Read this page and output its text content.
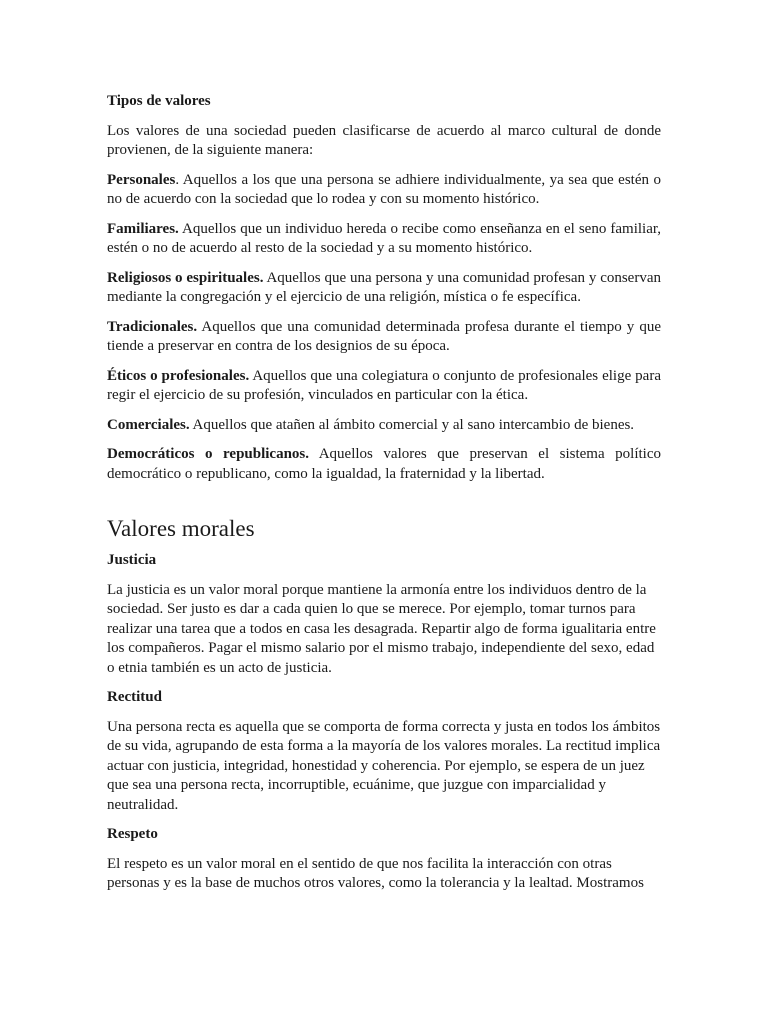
Tipos de valores

Los valores de una sociedad pueden clasificarse de acuerdo al marco cultural de donde provienen, de la siguiente manera:

Personales. Aquellos a los que una persona se adhiere individualmente, ya sea que estén o no de acuerdo con la sociedad que lo rodea y con su momento histórico.

Familiares. Aquellos que un individuo hereda o recibe como enseñanza en el seno familiar, estén o no de acuerdo al resto de la sociedad y a su momento histórico.

Religiosos o espirituales. Aquellos que una persona y una comunidad profesan y conservan mediante la congregación y el ejercicio de una religión, mística o fe específica.

Tradicionales. Aquellos que una comunidad determinada profesa durante el tiempo y que tiende a preservar en contra de los designios de su época.

Éticos o profesionales. Aquellos que una colegiatura o conjunto de profesionales elige para regir el ejercicio de su profesión, vinculados en particular con la ética.

Comerciales. Aquellos que atañen al ámbito comercial y al sano intercambio de bienes.

Democráticos o republicanos. Aquellos valores que preservan el sistema político democrático o republicano, como la igualdad, la fraternidad y la libertad.

Valores morales

Justicia

La justicia es un valor moral porque mantiene la armonía entre los individuos dentro de la sociedad. Ser justo es dar a cada quien lo que se merece. Por ejemplo, tomar turnos para realizar una tarea que a todos en casa les desagrada. Repartir algo de forma igualitaria entre los compañeros. Pagar el mismo salario por el mismo trabajo, independiente del sexo, edad o etnia también es un acto de justicia.

Rectitud

Una persona recta es aquella que se comporta de forma correcta y justa en todos los ámbitos de su vida, agrupando de esta forma a la mayoría de los valores morales. La rectitud implica actuar con justicia, integridad, honestidad y coherencia. Por ejemplo, se espera de un juez que sea una persona recta, incorruptible, ecuánime, que juzgue con imparcialidad y neutralidad.

Respeto

El respeto es un valor moral en el sentido de que nos facilita la interacción con otras personas y es la base de muchos otros valores, como la tolerancia y la lealtad. Mostramos
